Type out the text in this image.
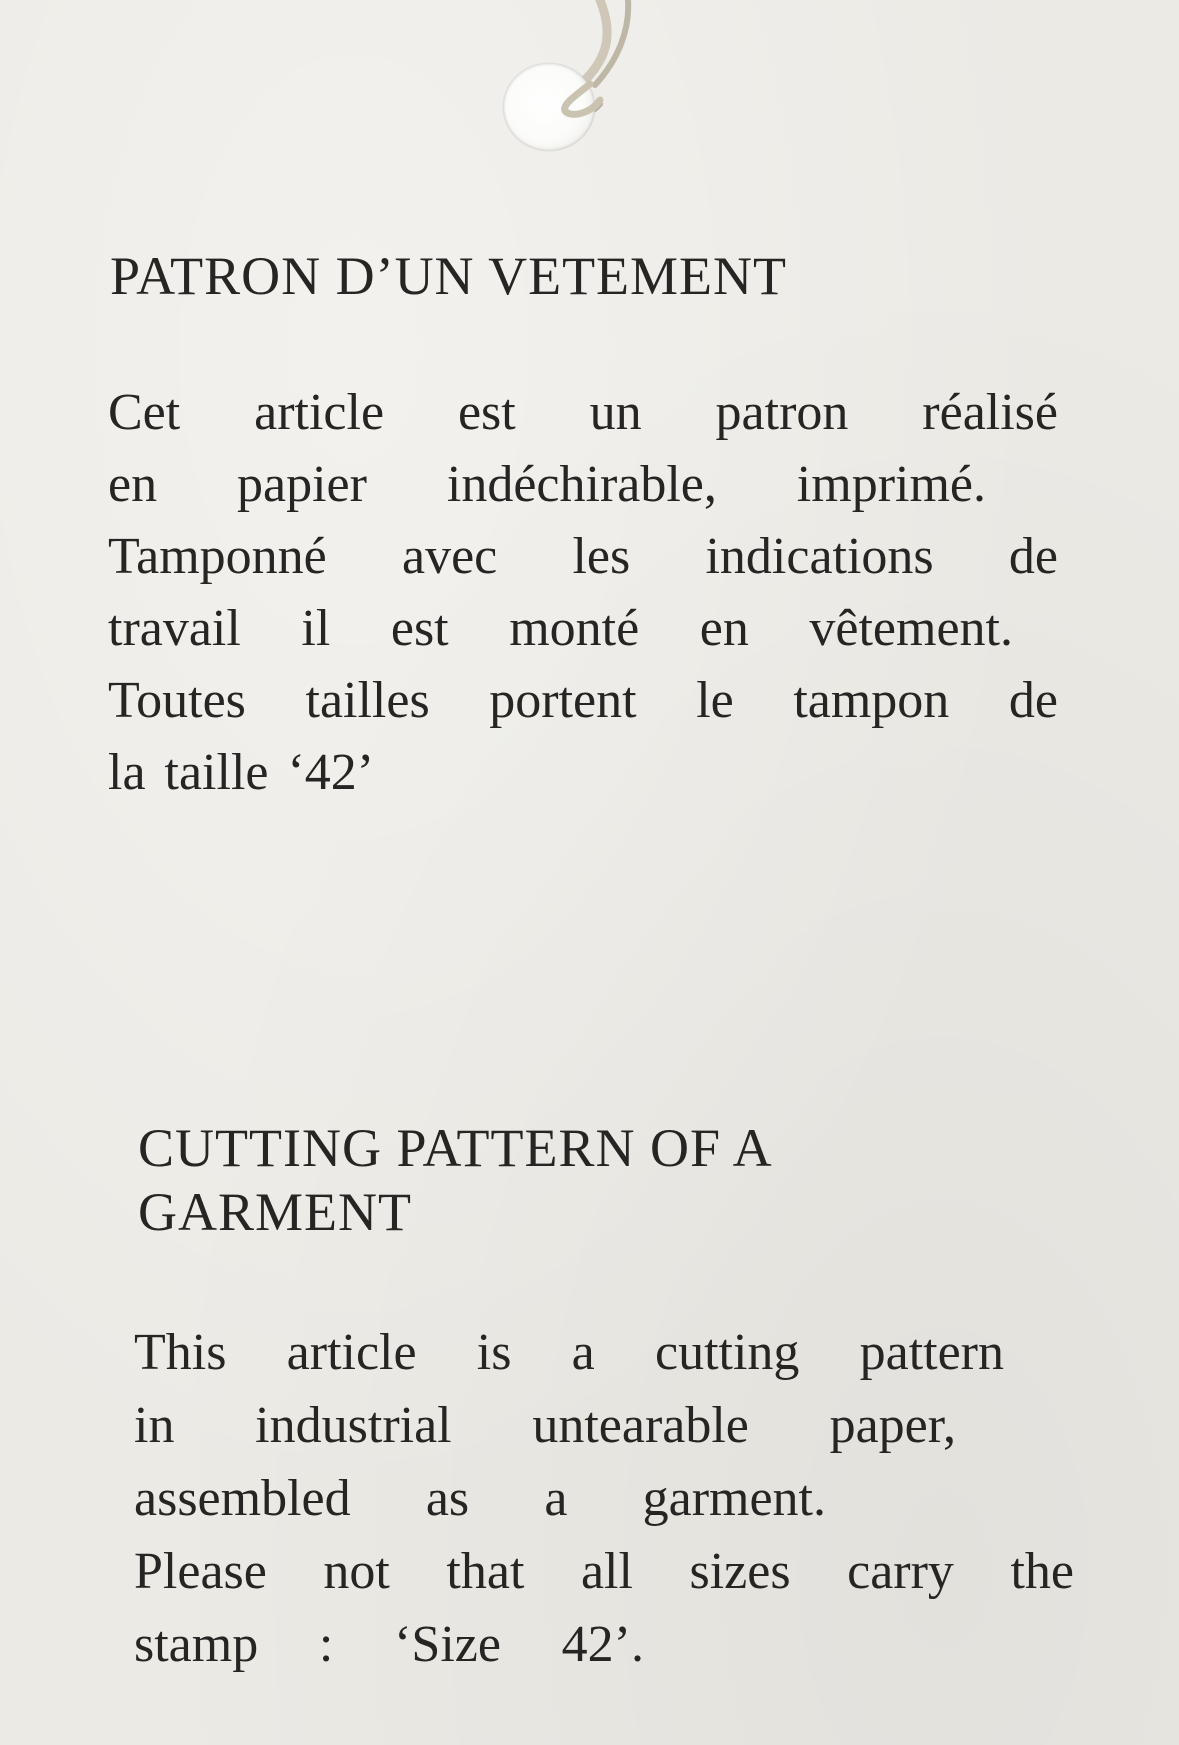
PATRON D’UN VETEMENT
Cet article est un patron réalisé
en papier indéchirable, imprimé.
Tamponné avec les indications de
travail il est monté en vêtement.
Toutes tailles portent le tampon de
la taille ‘42’
CUTTING PATTERN OF A
GARMENT
This article is a cutting pattern
in industrial untearable paper,
assembled as a garment.
Please not that all sizes carry the
stamp : ‘Size 42’.
